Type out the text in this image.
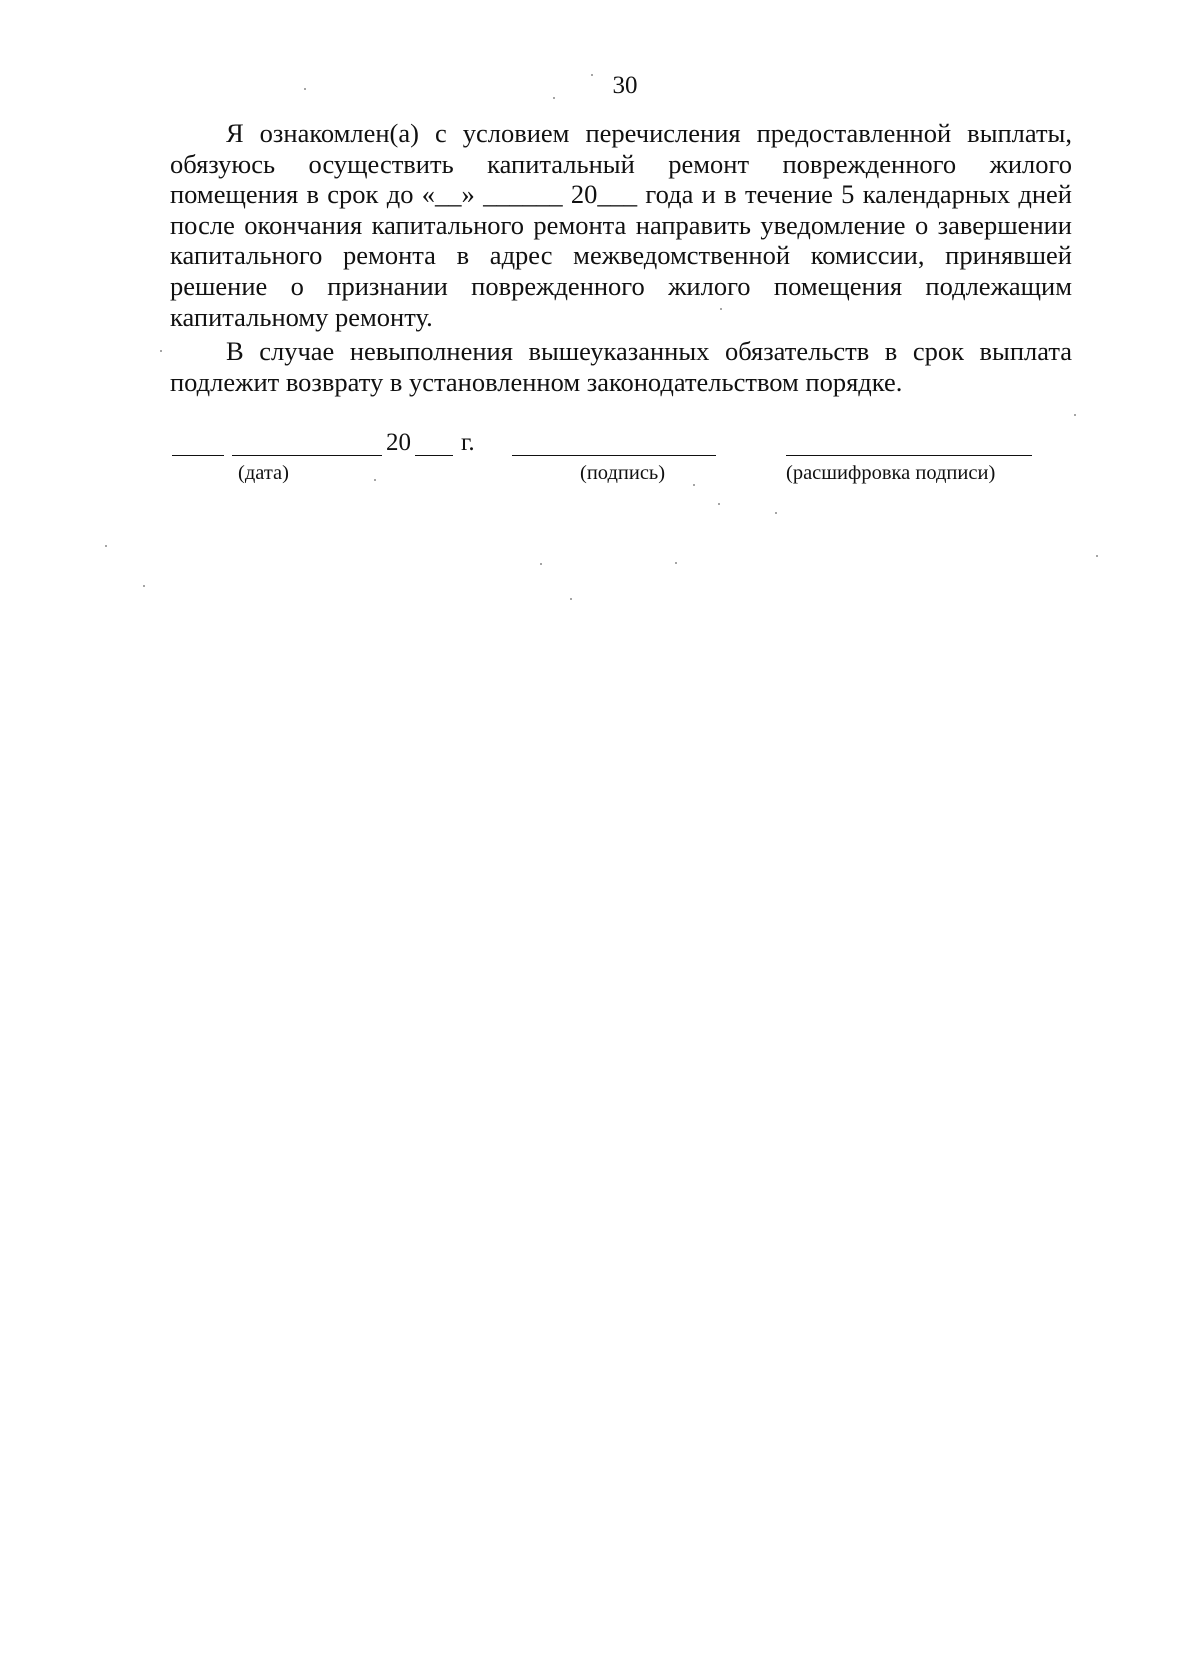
30

Я ознакомлен(а) с условием перечисления предоставленной выплаты, обязуюсь осуществить капитальный ремонт поврежденного жилого помещения в срок до «__» ______ 20___ года и в течение 5 календарных дней после окончания капитального ремонта направить уведомление о завершении капитального ремонта в адрес межведомственной комиссии, принявшей решение о признании поврежденного жилого помещения подлежащим капитальному ремонту.

В случае невыполнения вышеуказанных обязательств в срок выплата подлежит возврату в установленном законодательством порядке.

20 г.
(дата)	(подпись)	(расшифровка подписи)
